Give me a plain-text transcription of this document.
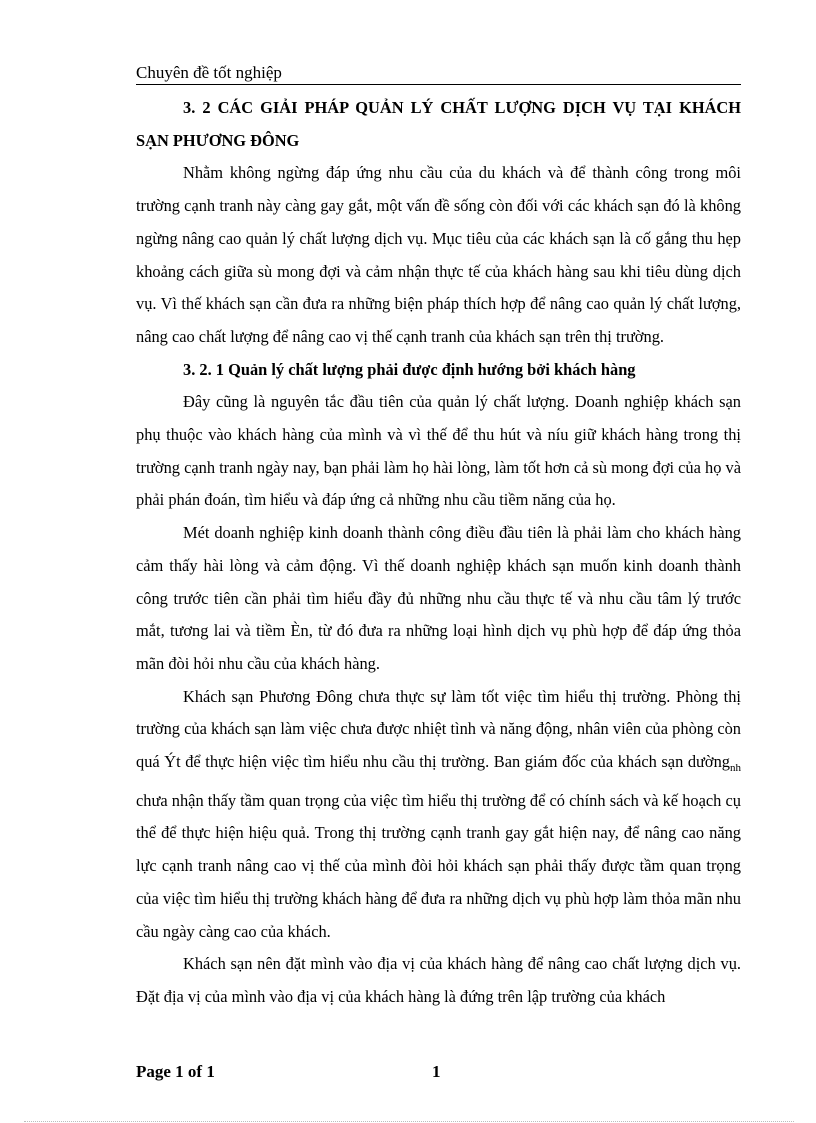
Chuyên đề tốt nghiệp
3. 2 CÁC GIẢI PHÁP QUẢN LÝ CHẤT LƯỢNG DỊCH VỤ TẠI KHÁCH SẠN PHƯƠNG ĐÔNG

Nhằm không ngừng đáp ứng nhu cầu của du khách và để thành công trong môi trường cạnh tranh này càng gay gắt, một vấn đề sống còn đối với các khách sạn đó là không ngừng nâng cao quản lý chất lượng dịch vụ. Mục tiêu của các khách sạn là cố gắng thu hẹp khoảng cách giữa sù mong đợi và cảm nhận thực tế của khách hàng sau khi tiêu dùng dịch vụ. Vì thế khách sạn cần đưa ra những biện pháp thích hợp để nâng cao quản lý chất lượng, nâng cao chất lượng để nâng cao vị thế cạnh tranh của khách sạn trên thị trường.

3. 2. 1 Quản lý chất lượng phải được định hướng bởi khách hàng

Đây cũng là nguyên tắc đầu tiên của quản lý chất lượng. Doanh nghiệp khách sạn phụ thuộc vào khách hàng của mình và vì thế để thu hút và níu giữ khách hàng trong thị trường cạnh tranh ngày nay, bạn phải làm họ hài lòng, làm tốt hơn cả sù mong đợi của họ và phải phán đoán, tìm hiểu và đáp ứng cả những nhu cầu tiềm năng của họ.

Mét doanh nghiệp kinh doanh thành công điều đầu tiên là phải làm cho khách hàng cảm thấy hài lòng và cảm động. Vì thế doanh nghiệp khách sạn muốn kinh doanh thành công trước tiên cần phải tìm hiểu đầy đủ những nhu cầu thực tế và nhu cầu tâm lý trước mắt, tương lai và tiềm Èn, từ đó đưa ra những loại hình dịch vụ phù hợp để đáp ứng thỏa mãn đòi hỏi nhu cầu của khách hàng.

Khách sạn Phương Đông chưa thực sự làm tốt việc tìm hiểu thị trường. Phòng thị trường của khách sạn làm việc chưa được nhiệt tình và năng động, nhân viên của phòng còn quá Ýt để thực hiện việc tìm hiểu nhu cầu thị trường. Ban giám đốc của khách sạn dường$_{nh}$ chưa nhận thấy tầm quan trọng của việc tìm hiểu thị trường để có chính sách và kế hoạch cụ thể để thực hiện hiệu quả. Trong thị trường cạnh tranh gay gắt hiện nay, để nâng cao năng lực cạnh tranh nâng cao vị thế của mình đòi hỏi khách sạn phải thấy được tầm quan trọng của việc tìm hiểu thị trường khách hàng để đưa ra những dịch vụ phù hợp làm thỏa mãn nhu cầu ngày càng cao của khách.

Khách sạn nên đặt mình vào địa vị của khách hàng để nâng cao chất lượng dịch vụ. Đặt địa vị của mình vào địa vị của khách hàng là đứng trên lập trường của khách

Page 1 of 1	1
